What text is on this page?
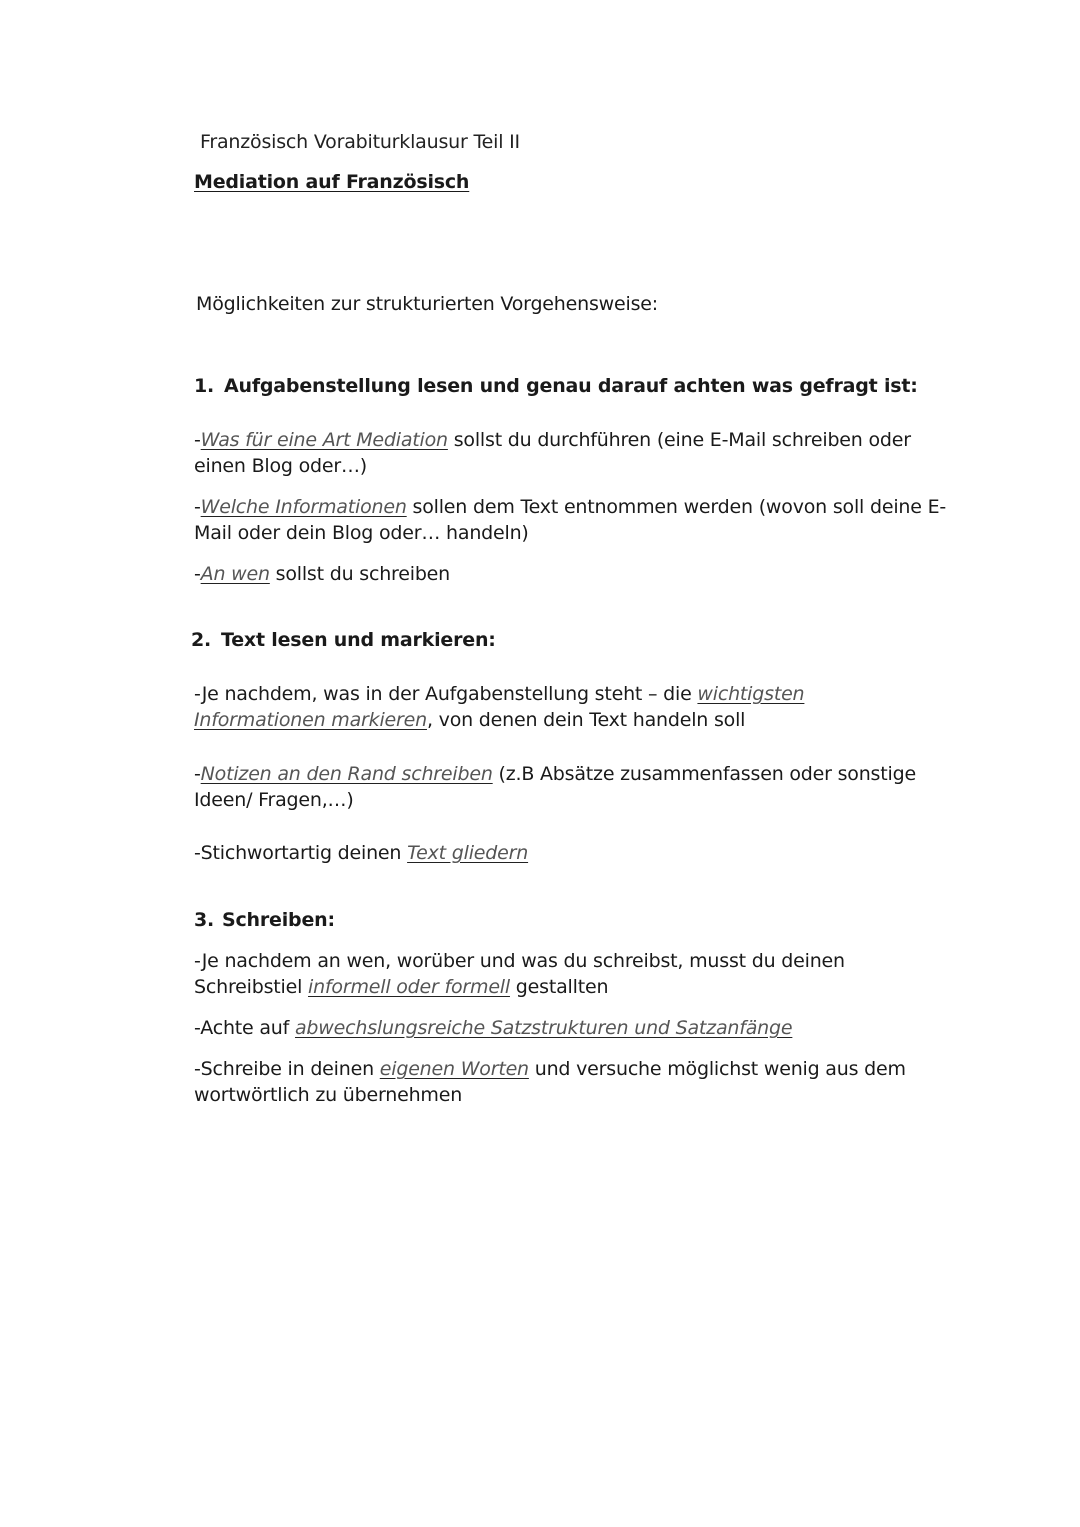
Französisch Vorabiturklausur Teil II
Mediation auf Französisch
Möglichkeiten zur strukturierten Vorgehensweise:
1. Aufgabenstellung lesen und genau darauf achten was gefragt ist:
-Was für eine Art Mediation sollst du durchführen (eine E-Mail schreiben oder einen Blog oder…)
-Welche Informationen sollen dem Text entnommen werden (wovon soll deine E-Mail oder dein Blog oder… handeln)
-An wen sollst du schreiben
2. Text lesen und markieren:
-Je nachdem, was in der Aufgabenstellung steht – die wichtigsten Informationen markieren, von denen dein Text handeln soll
-Notizen an den Rand schreiben (z.B Absätze zusammenfassen oder sonstige Ideen/ Fragen,…)
-Stichwortartig deinen Text gliedern
3. Schreiben:
-Je nachdem an wen, worüber und was du schreibst, musst du deinen Schreibstiel informell oder formell gestallten
-Achte auf abwechslungsreiche Satzstrukturen und Satzanfänge
-Schreibe in deinen eigenen Worten und versuche möglichst wenig aus dem wortwörtlich zu übernehmen
